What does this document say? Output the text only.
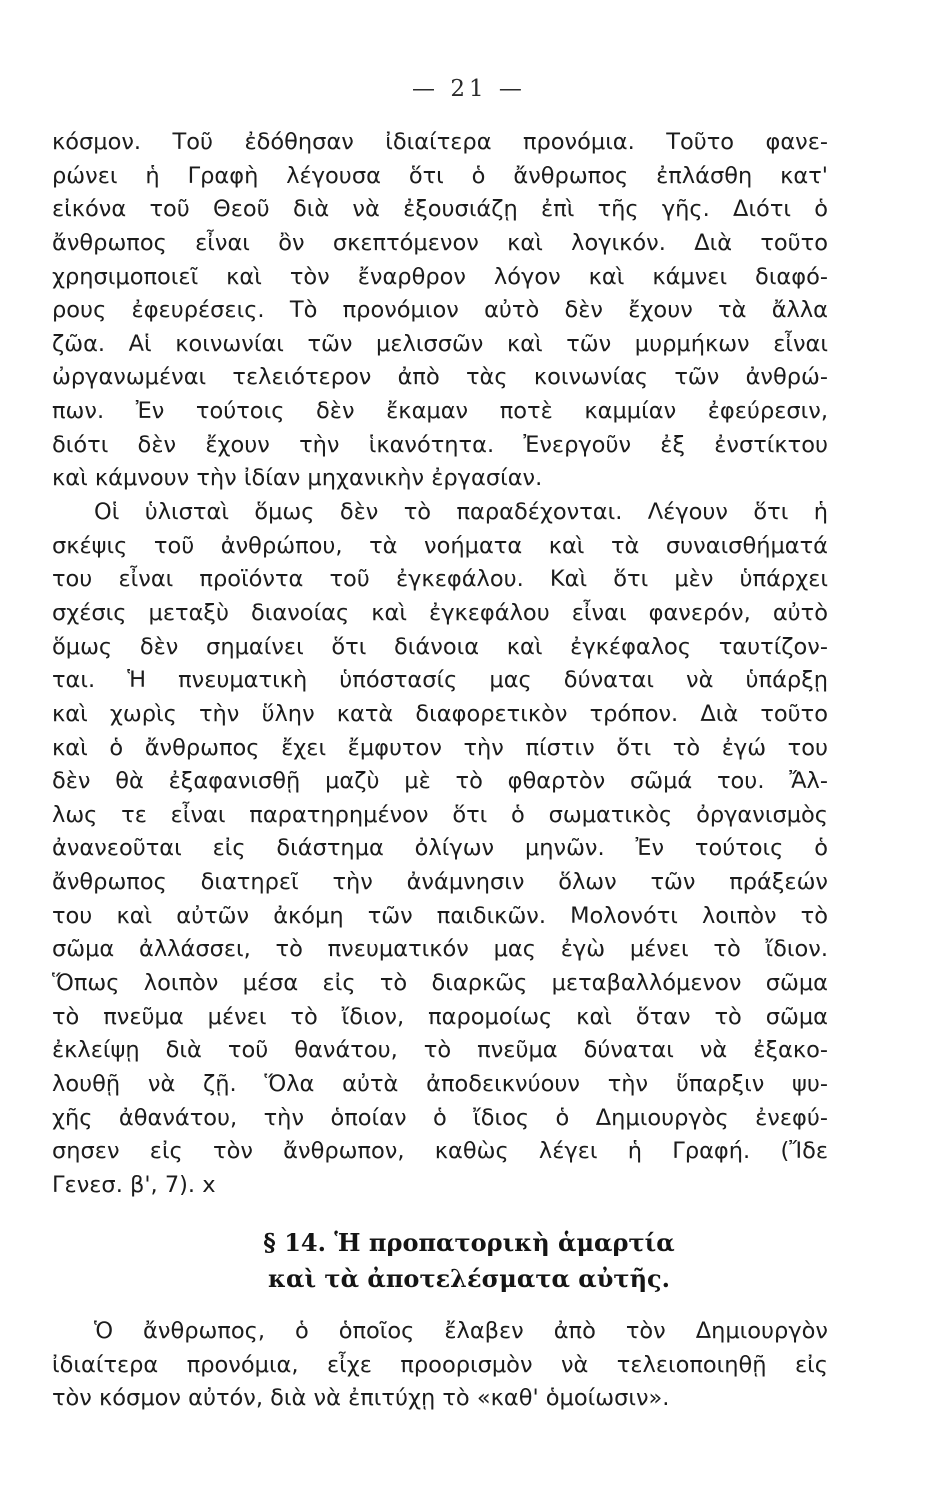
— 21 —
κόσμον. Τοῦ ἐδόθησαν ἰδιαίτερα προνόμια. Τοῦτο φανε-
ρώνει ἡ Γραφὴ λέγουσα ὅτι ὁ ἄνθρωπος ἐπλάσθη κατ'
εἰκόνα τοῦ Θεοῦ διὰ νὰ ἐξουσιάζῃ ἐπὶ τῆς γῆς. Διότι ὁ
ἄνθρωπος εἶναι ὂν σκεπτόμενον καὶ λογικόν. Διὰ τοῦτο
χρησιμοποιεῖ καὶ τὸν ἔναρθρον λόγον καὶ κάμνει διαφό-
ρους ἐφευρέσεις. Τὸ προνόμιον αὐτὸ δὲν ἔχουν τὰ ἄλλα
ζῶα. Αἱ κοινωνίαι τῶν μελισσῶν καὶ τῶν μυρμήκων εἶναι
ὠργανωμέναι τελειότερον ἀπὸ τὰς κοινωνίας τῶν ἀνθρώ-
πων. Ἐν τούτοις δὲν ἔκαμαν ποτὲ καμμίαν ἐφεύρεσιν,
διότι δὲν ἔχουν τὴν ἱκανότητα. Ἐνεργοῦν ἐξ ἐνστίκτου
καὶ κάμνουν τὴν ἰδίαν μηχανικὴν ἐργασίαν.
Οἱ ὑλισταὶ ὅμως δὲν τὸ παραδέχονται. Λέγουν ὅτι ἡ
σκέψις τοῦ ἀνθρώπου, τὰ νοήματα καὶ τὰ συναισθήματά
του εἶναι προϊόντα τοῦ ἐγκεφάλου. Καὶ ὅτι μὲν ὑπάρχει
σχέσις μεταξὺ διανοίας καὶ ἐγκεφάλου εἶναι φανερόν, αὐτὸ
ὅμως δὲν σημαίνει ὅτι διάνοια καὶ ἐγκέφαλος ταυτίζον-
ται. Ἡ πνευματικὴ ὑπόστασίς μας δύναται νὰ ὑπάρξῃ
καὶ χωρὶς τὴν ὕλην κατὰ διαφορετικὸν τρόπον. Διὰ τοῦτο
καὶ ὁ ἄνθρωπος ἔχει ἔμφυτον τὴν πίστιν ὅτι τὸ ἐγώ του
δὲν θὰ ἐξαφανισθῇ μαζὺ μὲ τὸ φθαρτὸν σῶμά του. Ἄλ-
λως τε εἶναι παρατηρημένον ὅτι ὁ σωματικὸς ὀργανισμὸς
ἀνανεοῦται εἰς διάστημα ὀλίγων μηνῶν. Ἐν τούτοις ὁ
ἄνθρωπος διατηρεῖ τὴν ἀνάμνησιν ὅλων τῶν πράξεών
του καὶ αὐτῶν ἀκόμη τῶν παιδικῶν. Μολονότι λοιπὸν τὸ
σῶμα ἀλλάσσει, τὸ πνευματικόν μας ἐγὼ μένει τὸ ἴδιον.
Ὅπως λοιπὸν μέσα εἰς τὸ διαρκῶς μεταβαλλόμενον σῶμα
τὸ πνεῦμα μένει τὸ ἴδιον, παρομοίως καὶ ὅταν τὸ σῶμα
ἐκλείψῃ διὰ τοῦ θανάτου, τὸ πνεῦμα δύναται νὰ ἐξακο-
λουθῇ νὰ ζῇ. Ὅλα αὐτὰ ἀποδεικνύουν τὴν ὕπαρξιν ψυ-
χῆς ἀθανάτου, τὴν ὁποίαν ὁ ἴδιος ὁ Δημιουργὸς ἐνεφύ-
σησεν εἰς τὸν ἄνθρωπον, καθὼς λέγει ἡ Γραφή. (Ἴδε
Γενεσ. β', 7). x
§ 14. Ἡ προπατορικὴ ἁμαρτία
καὶ τὰ ἀποτελέσματα αὐτῆς.
Ὁ ἄνθρωπος, ὁ ὁποῖος ἔλαβεν ἀπὸ τὸν Δημιουργὸν
ἰδιαίτερα προνόμια, εἶχε προορισμὸν νὰ τελειοποιηθῇ εἰς
τὸν κόσμον αὐτόν, διὰ νὰ ἐπιτύχῃ τὸ «καθ' ὁμοίωσιν».
